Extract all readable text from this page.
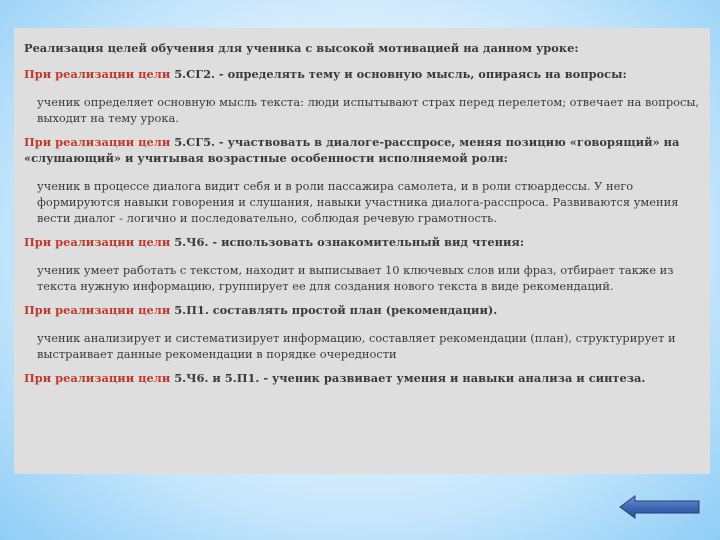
Реализация целей обучения для ученика с высокой мотивацией на данном уроке:

При реализации цели 5.СГ2. - определять тему и основную мысль, опираясь на вопросы:

ученик определяет основную мысль текста: люди испытывают страх перед перелетом; отвечает на вопросы, выходит на тему урока.

При реализации цели 5.СГ5. - участвовать в диалоге-расспросе, меняя позицию «говорящий» на «слушающий» и учитывая возрастные особенности исполняемой роли:

ученик в процессе диалога видит себя и в роли пассажира самолета, и в роли стюардессы. У него формируются навыки говорения и слушания, навыки участника диалога-расспроса. Развиваются умения вести диалог - логично и последовательно, соблюдая речевую грамотность.

При реализации цели 5.Ч6. - использовать ознакомительный вид чтения:

ученик умеет работать с текстом, находит и выписывает 10 ключевых слов или фраз, отбирает также из текста нужную информацию, группирует ее для создания нового текста в виде рекомендаций.

При реализации цели 5.П1. составлять простой план (рекомендации).

ученик анализирует и систематизирует информацию, составляет рекомендации (план), структурирует и выстраивает данные рекомендации в порядке очередности

При реализации цели 5.Ч6. и 5.П1. - ученик развивает умения и навыки анализа и синтеза.
